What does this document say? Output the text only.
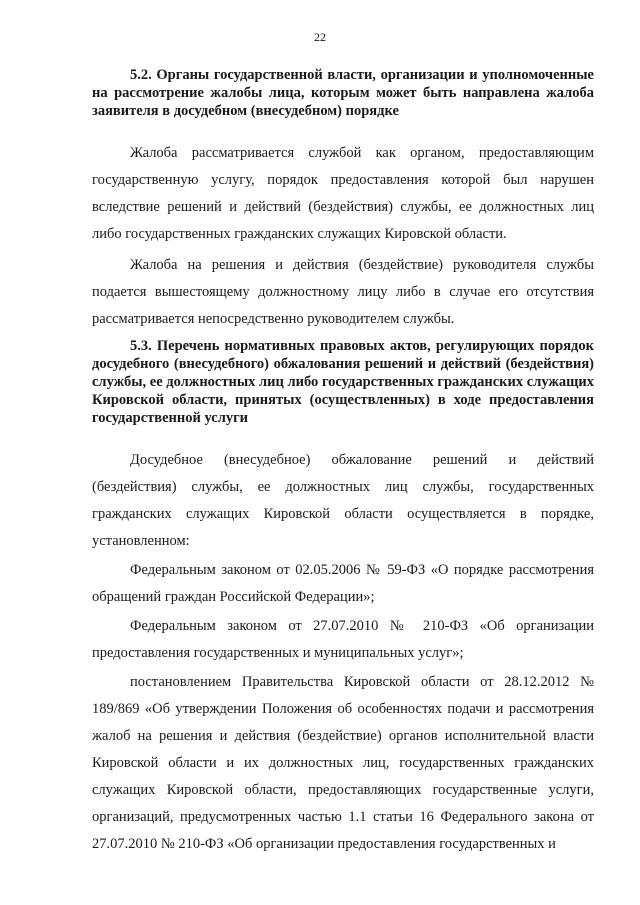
22

5.2. Органы государственной власти, организации и уполномоченные на рассмотрение жалобы лица, которым может быть направлена жалоба заявителя в досудебном (внесудебном) порядке

Жалоба рассматривается службой как органом, предоставляющим государственную услугу, порядок предоставления которой был нарушен вследствие решений и действий (бездействия) службы, ее должностных лиц либо государственных гражданских служащих Кировской области.

Жалоба на решения и действия (бездействие) руководителя службы подается вышестоящему должностному лицу либо в случае его отсутствия рассматривается непосредственно руководителем службы.

5.3. Перечень нормативных правовых актов, регулирующих порядок досудебного (внесудебного) обжалования решений и действий (бездействия) службы, ее должностных лиц либо государственных гражданских служащих Кировской области, принятых (осуществленных) в ходе предоставления государственной услуги

Досудебное (внесудебное) обжалование решений и действий (бездействия) службы, ее должностных лиц службы, государственных гражданских служащих Кировской области осуществляется в порядке, установленном:

Федеральным законом от 02.05.2006 № 59-ФЗ «О порядке рассмотрения обращений граждан Российской Федерации»;

Федеральным законом от 27.07.2010 № 210-ФЗ «Об организации предоставления государственных и муниципальных услуг»;

постановлением Правительства Кировской области от 28.12.2012 № 189/869 «Об утверждении Положения об особенностях подачи и рассмотрения жалоб на решения и действия (бездействие) органов исполнительной власти Кировской области и их должностных лиц, государственных гражданских служащих Кировской области, предоставляющих государственные услуги, организаций, предусмотренных частью 1.1 статьи 16 Федерального закона от 27.07.2010 № 210-ФЗ «Об организации предоставления государственных и
